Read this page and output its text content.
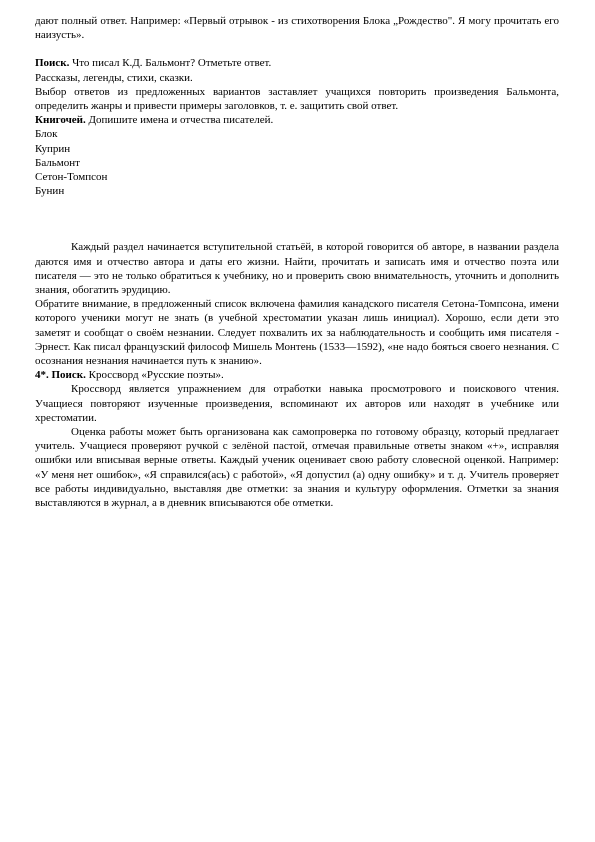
дают полный ответ. Например: «Первый отрывок - из стихотворения Блока „Рождество". Я могу прочитать его наизусть».

Поиск. Что писал К.Д. Бальмонт? Отметьте ответ.

Рассказы, легенды, стихи, сказки.

Выбор ответов из предложенных вариантов заставляет учащихся повторить произведения Бальмонта, определить жанры и привести примеры заголовков, т. е. защитить свой ответ.

Книгочей. Допишите имена и отчества писателей.

Блок

Куприн

Бальмонт

Сетон-Томпсон

Бунин

Каждый раздел начинается вступительной статьёй, в которой говорится об авторе, в названии раздела даются имя и отчество автора и даты его жизни. Найти, прочитать и записать имя и отчество поэта или писателя — это не только обратиться к учебнику, но и проверить свою внимательность, уточнить и дополнить знания, обогатить эрудицию.

Обратите внимание, в предложенный список включена фамилия канадского писателя Сетона-Томпсона, имени которого ученики могут не знать (в учебной хрестоматии указан лишь инициал). Хорошо, если дети это заметят и сообщат о своём незнании. Следует похвалить их за наблюдательность и сообщить имя писателя - Эрнест. Как писал французский философ Мишель Монтень (1533—1592), «не надо бояться своего незнания. С осознания незнания начинается путь к знанию».

4*. Поиск. Кроссворд «Русские поэты».

Кроссворд является упражнением для отработки навыка просмотрового и поискового чтения. Учащиеся повторяют изученные произведения, вспоминают их авторов или находят в учебнике или хрестоматии.

Оценка работы может быть организована как самопроверка по готовому образцу, который предлагает учитель. Учащиеся проверяют ручкой с зелёной пастой, отмечая правильные ответы знаком «+», исправляя ошибки или вписывая верные ответы. Каждый ученик оценивает свою работу словесной оценкой. Например: «У меня нет ошибок», «Я справился(ась) с работой», «Я допустил (а) одну ошибку» и т. д. Учитель проверяет все работы индивидуально, выставляя две отметки: за знания и культуру оформления. Отметки за знания выставляются в журнал, а в дневник вписываются обе отметки.
